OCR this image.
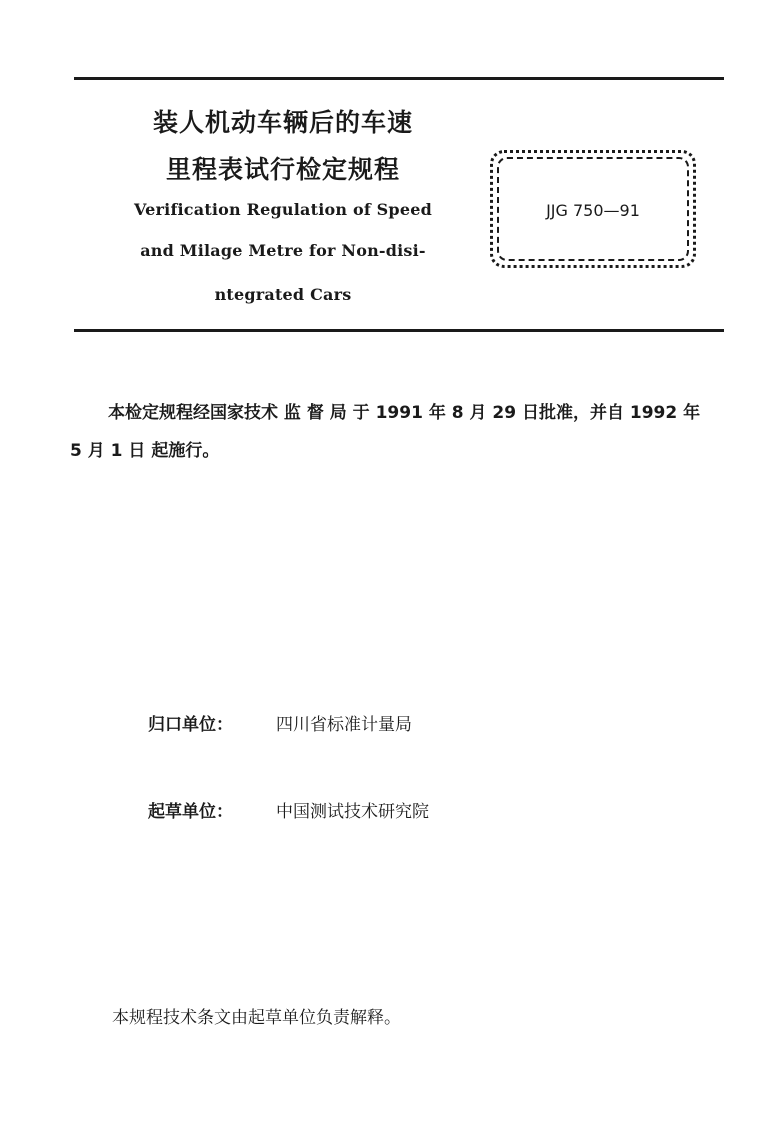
装人机动车辆后的车速
里程表试行检定规程
Verification Regulation of Speed
and Milage Metre for Non-disi-
ntegrated Cars
JJG 750—91
本检定规程经国家技术 监 督 局 于 1991 年 8 月 29 日批准，并自 1992 年 5 月 1 日 起施行。
归口单位：	四川省标准计量局
起草单位：	中国测试技术研究院
本规程技术条文由起草单位负责解释。
